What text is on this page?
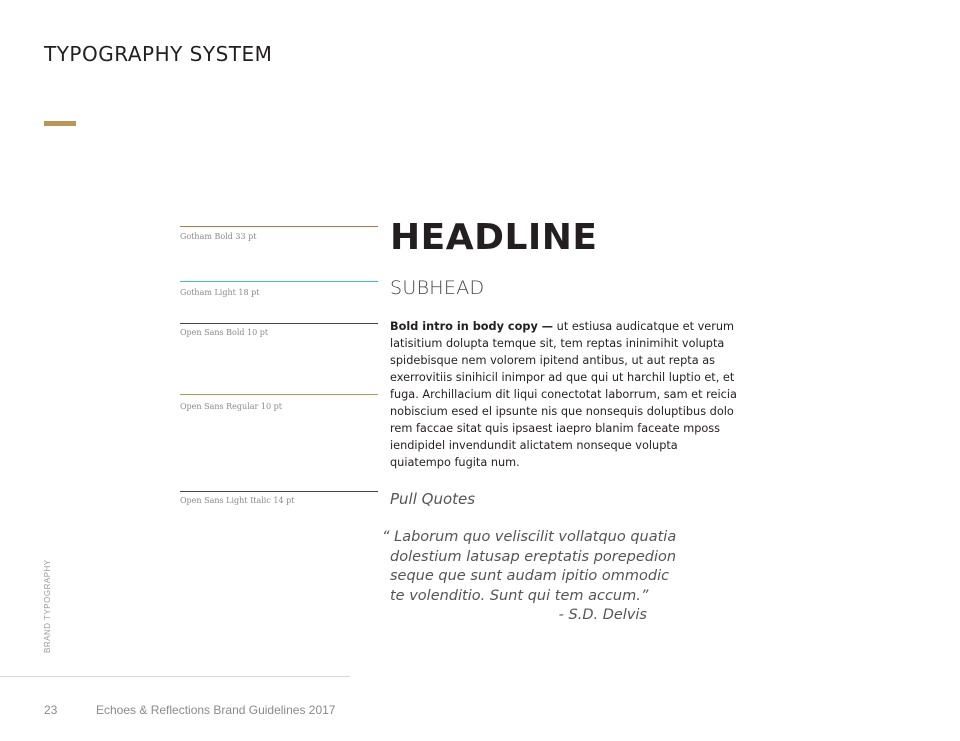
TYPOGRAPHY SYSTEM
Gotham Bold 33 pt
Gotham Light 18 pt
Open Sans Bold 10 pt
Open Sans Regular 10 pt
Open Sans Light Italic 14 pt
HEADLINE
SUBHEAD
Bold intro in body copy — ut estiusa audicatque et verum latisitium dolupta temque sit, tem reptas ininimihit volupta spidebisque nem volorem ipitend antibus, ut aut repta as exerrovitiis sinihicil inimpor ad que qui ut harchil luptio et, et fuga. Archillacium dit liqui conectotat laborrum, sam et reicia nobiscium esed el ipsunte nis que nonsequis doluptibus dolo rem faccae sitat quis ipsaest iaepro blanim faceate mposs iendipidel invendundit alictatem nonseque volupta quiatempo fugita num.
Pull Quotes
“ Laborum quo veliscilit vollatquo quatia
dolestium latusap ereptatis porepedion
seque que sunt audam ipitio ommodic
te volenditio. Sunt qui tem accum.”
- S.D. Delvis
BRAND TYPOGRAPHY
23	Echoes & Reflections Brand Guidelines 2017
